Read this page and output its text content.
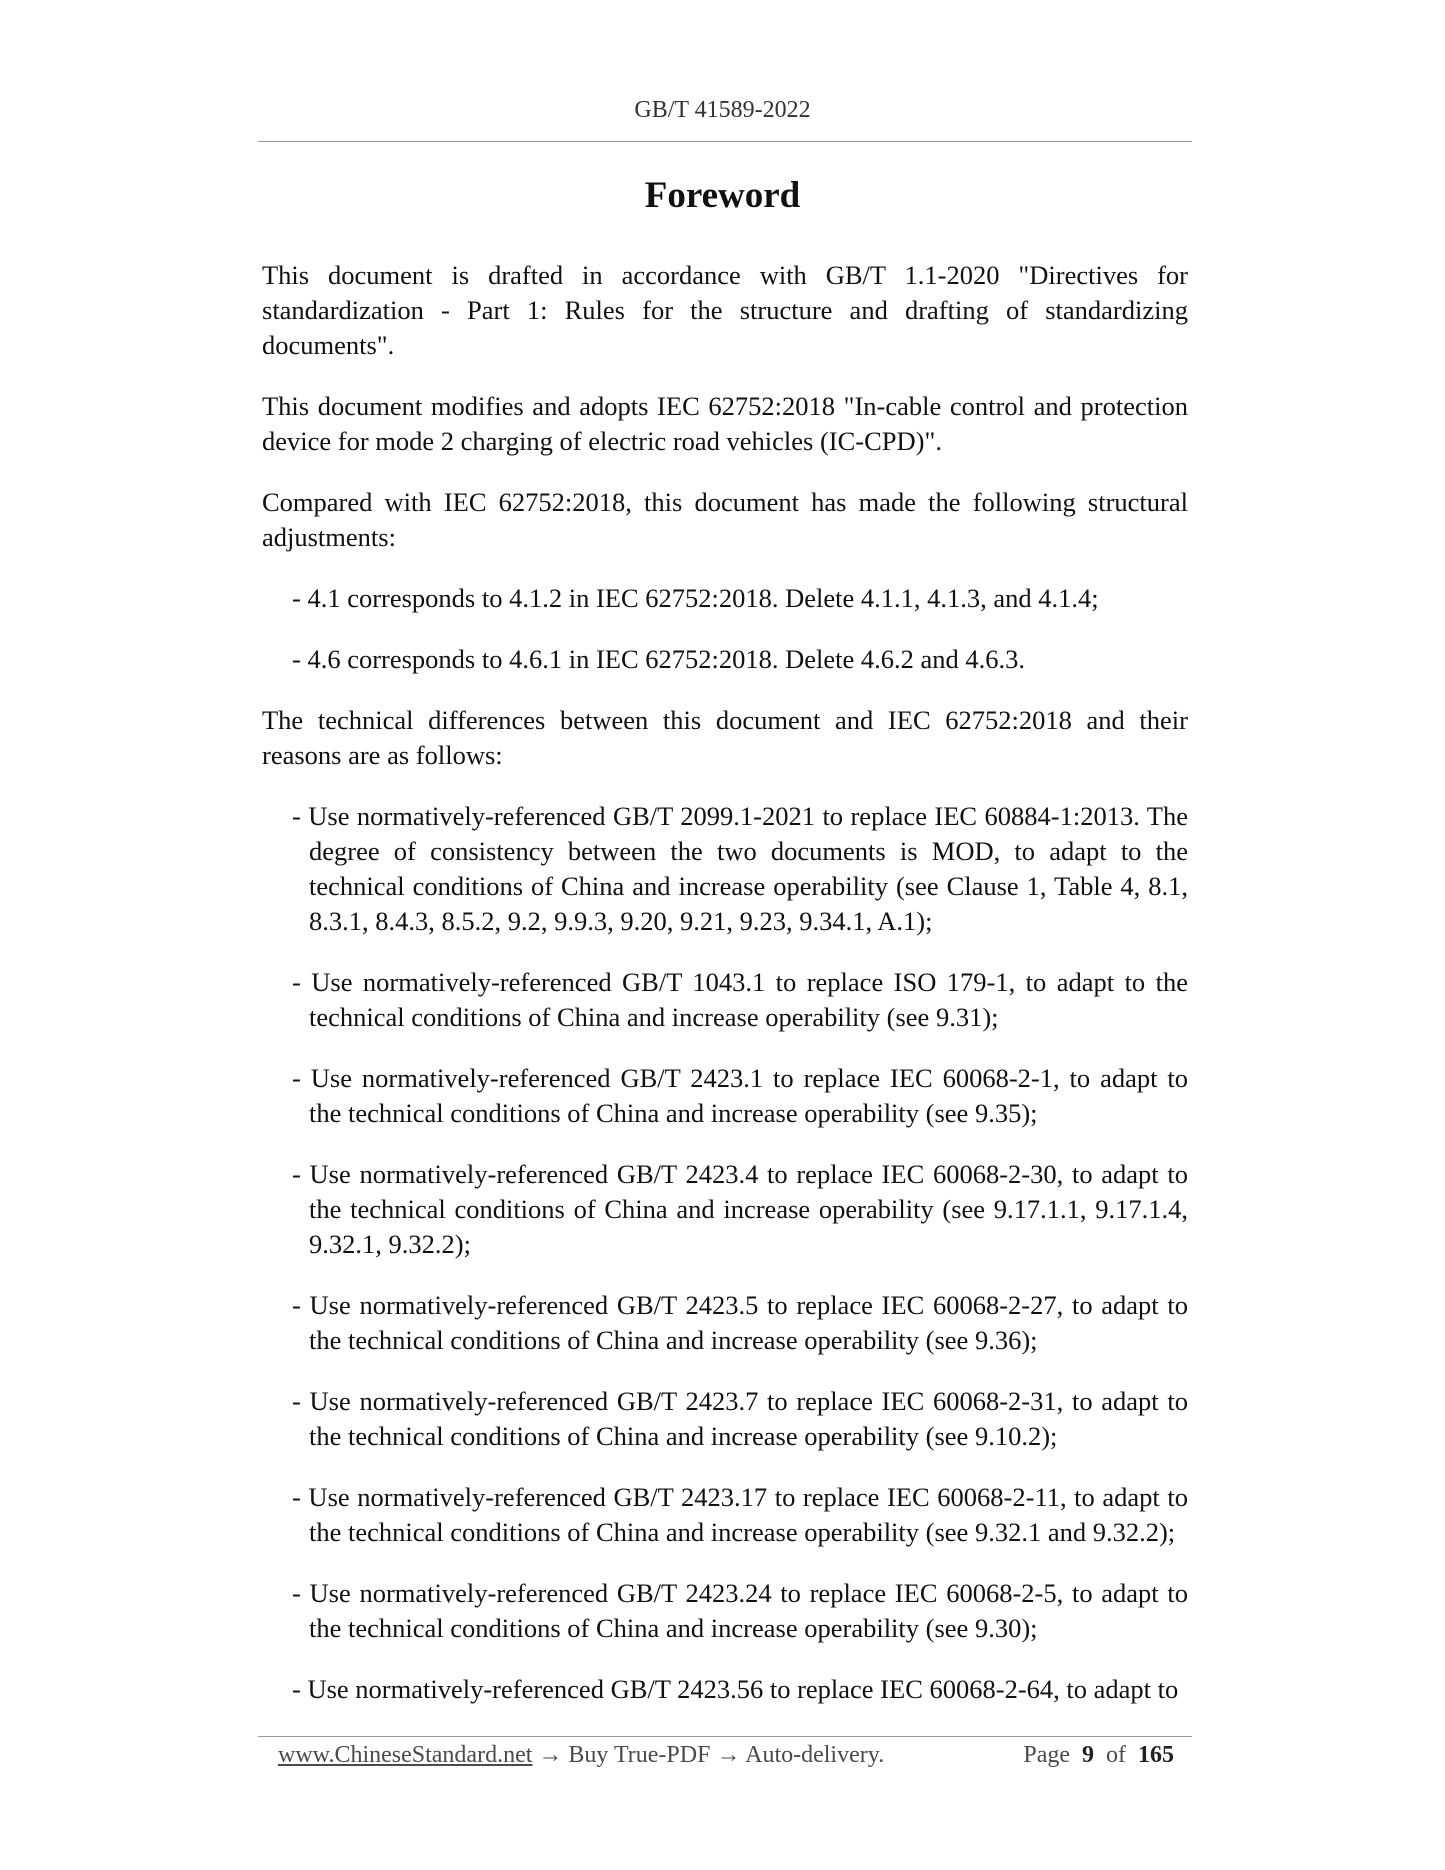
GB/T 41589-2022
Foreword

This document is drafted in accordance with GB/T 1.1-2020 "Directives for standardization - Part 1: Rules for the structure and drafting of standardizing documents".

This document modifies and adopts IEC 62752:2018 "In-cable control and protection device for mode 2 charging of electric road vehicles (IC-CPD)".

Compared with IEC 62752:2018, this document has made the following structural adjustments:

- 4.1 corresponds to 4.1.2 in IEC 62752:2018. Delete 4.1.1, 4.1.3, and 4.1.4;

- 4.6 corresponds to 4.6.1 in IEC 62752:2018. Delete 4.6.2 and 4.6.3.

The technical differences between this document and IEC 62752:2018 and their reasons are as follows:

- Use normatively-referenced GB/T 2099.1-2021 to replace IEC 60884-1:2013. The degree of consistency between the two documents is MOD, to adapt to the technical conditions of China and increase operability (see Clause 1, Table 4, 8.1, 8.3.1, 8.4.3, 8.5.2, 9.2, 9.9.3, 9.20, 9.21, 9.23, 9.34.1, A.1);

- Use normatively-referenced GB/T 1043.1 to replace ISO 179-1, to adapt to the technical conditions of China and increase operability (see 9.31);

- Use normatively-referenced GB/T 2423.1 to replace IEC 60068-2-1, to adapt to the technical conditions of China and increase operability (see 9.35);

- Use normatively-referenced GB/T 2423.4 to replace IEC 60068-2-30, to adapt to the technical conditions of China and increase operability (see 9.17.1.1, 9.17.1.4, 9.32.1, 9.32.2);

- Use normatively-referenced GB/T 2423.5 to replace IEC 60068-2-27, to adapt to the technical conditions of China and increase operability (see 9.36);

- Use normatively-referenced GB/T 2423.7 to replace IEC 60068-2-31, to adapt to the technical conditions of China and increase operability (see 9.10.2);

- Use normatively-referenced GB/T 2423.17 to replace IEC 60068-2-11, to adapt to the technical conditions of China and increase operability (see 9.32.1 and 9.32.2);

- Use normatively-referenced GB/T 2423.24 to replace IEC 60068-2-5, to adapt to the technical conditions of China and increase operability (see 9.30);

- Use normatively-referenced GB/T 2423.56 to replace IEC 60068-2-64, to adapt to

www.ChineseStandard.net → Buy True-PDF → Auto-delivery.	Page 9 of 165
